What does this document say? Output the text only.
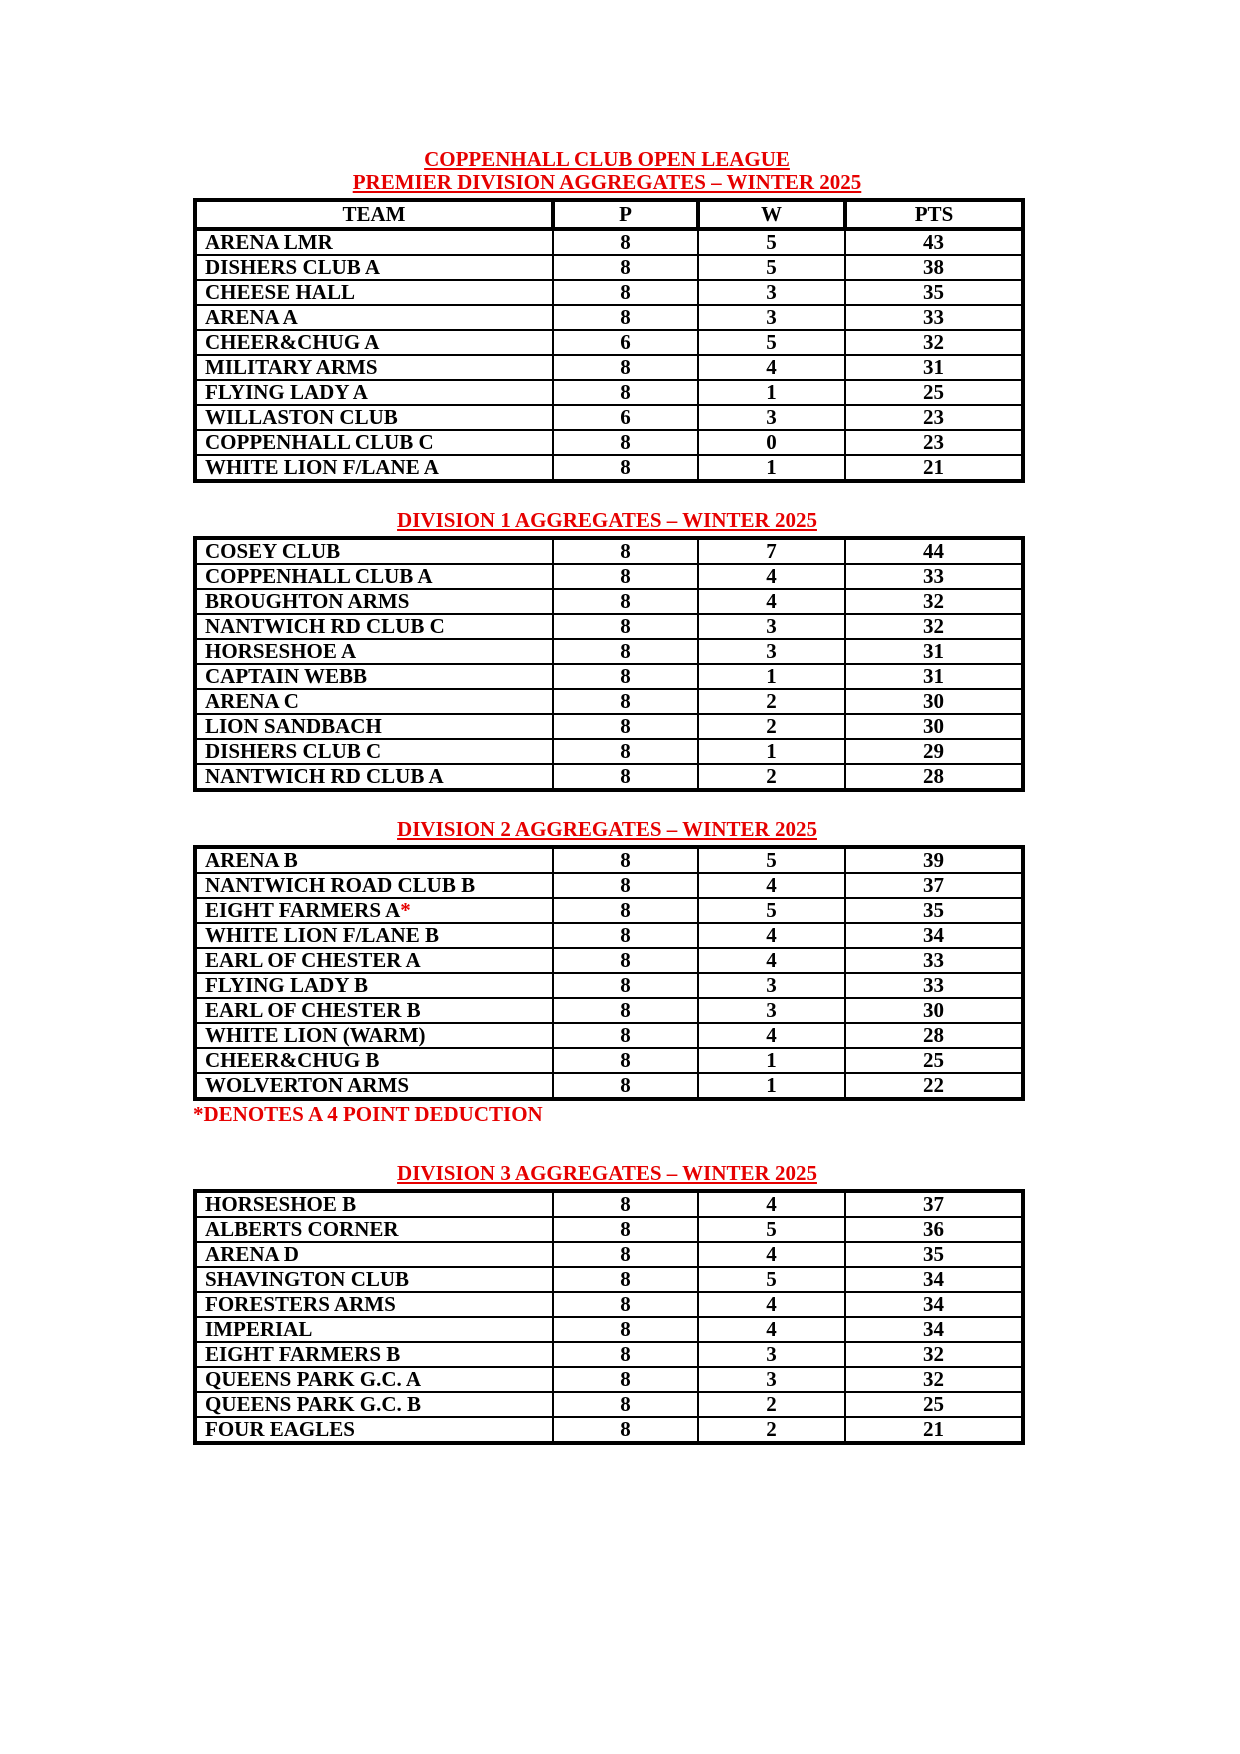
COPPENHALL CLUB OPEN LEAGUE
PREMIER DIVISION AGGREGATES – WINTER 2025
TEAM	P	W	PTS
ARENA LMR	8	5	43
DISHERS CLUB A	8	5	38
CHEESE HALL	8	3	35
ARENA A	8	3	33
CHEER&CHUG A	6	5	32
MILITARY ARMS	8	4	31
FLYING LADY A	8	1	25
WILLASTON CLUB	6	3	23
COPPENHALL CLUB C	8	0	23
WHITE LION F/LANE A	8	1	21
DIVISION 1 AGGREGATES – WINTER 2025
COSEY CLUB	8	7	44
COPPENHALL CLUB A	8	4	33
BROUGHTON ARMS	8	4	32
NANTWICH RD CLUB C	8	3	32
HORSESHOE A	8	3	31
CAPTAIN WEBB	8	1	31
ARENA C	8	2	30
LION SANDBACH	8	2	30
DISHERS CLUB C	8	1	29
NANTWICH RD CLUB A	8	2	28
DIVISION 2 AGGREGATES – WINTER 2025
ARENA B	8	5	39
NANTWICH ROAD CLUB B	8	4	37
EIGHT FARMERS A*	8	5	35
WHITE LION F/LANE B	8	4	34
EARL OF CHESTER A	8	4	33
FLYING LADY B	8	3	33
EARL OF CHESTER B	8	3	30
WHITE LION (WARM)	8	4	28
CHEER&CHUG B	8	1	25
WOLVERTON ARMS	8	1	22

*DENOTES A 4 POINT DEDUCTION

DIVISION 3 AGGREGATES – WINTER 2025
HORSESHOE B	8	4	37
ALBERTS CORNER	8	5	36
ARENA D	8	4	35
SHAVINGTON CLUB	8	5	34
FORESTERS ARMS	8	4	34
IMPERIAL	8	4	34
EIGHT FARMERS B	8	3	32
QUEENS PARK G.C. A	8	3	32
QUEENS PARK G.C. B	8	2	25
FOUR EAGLES	8	2	21
